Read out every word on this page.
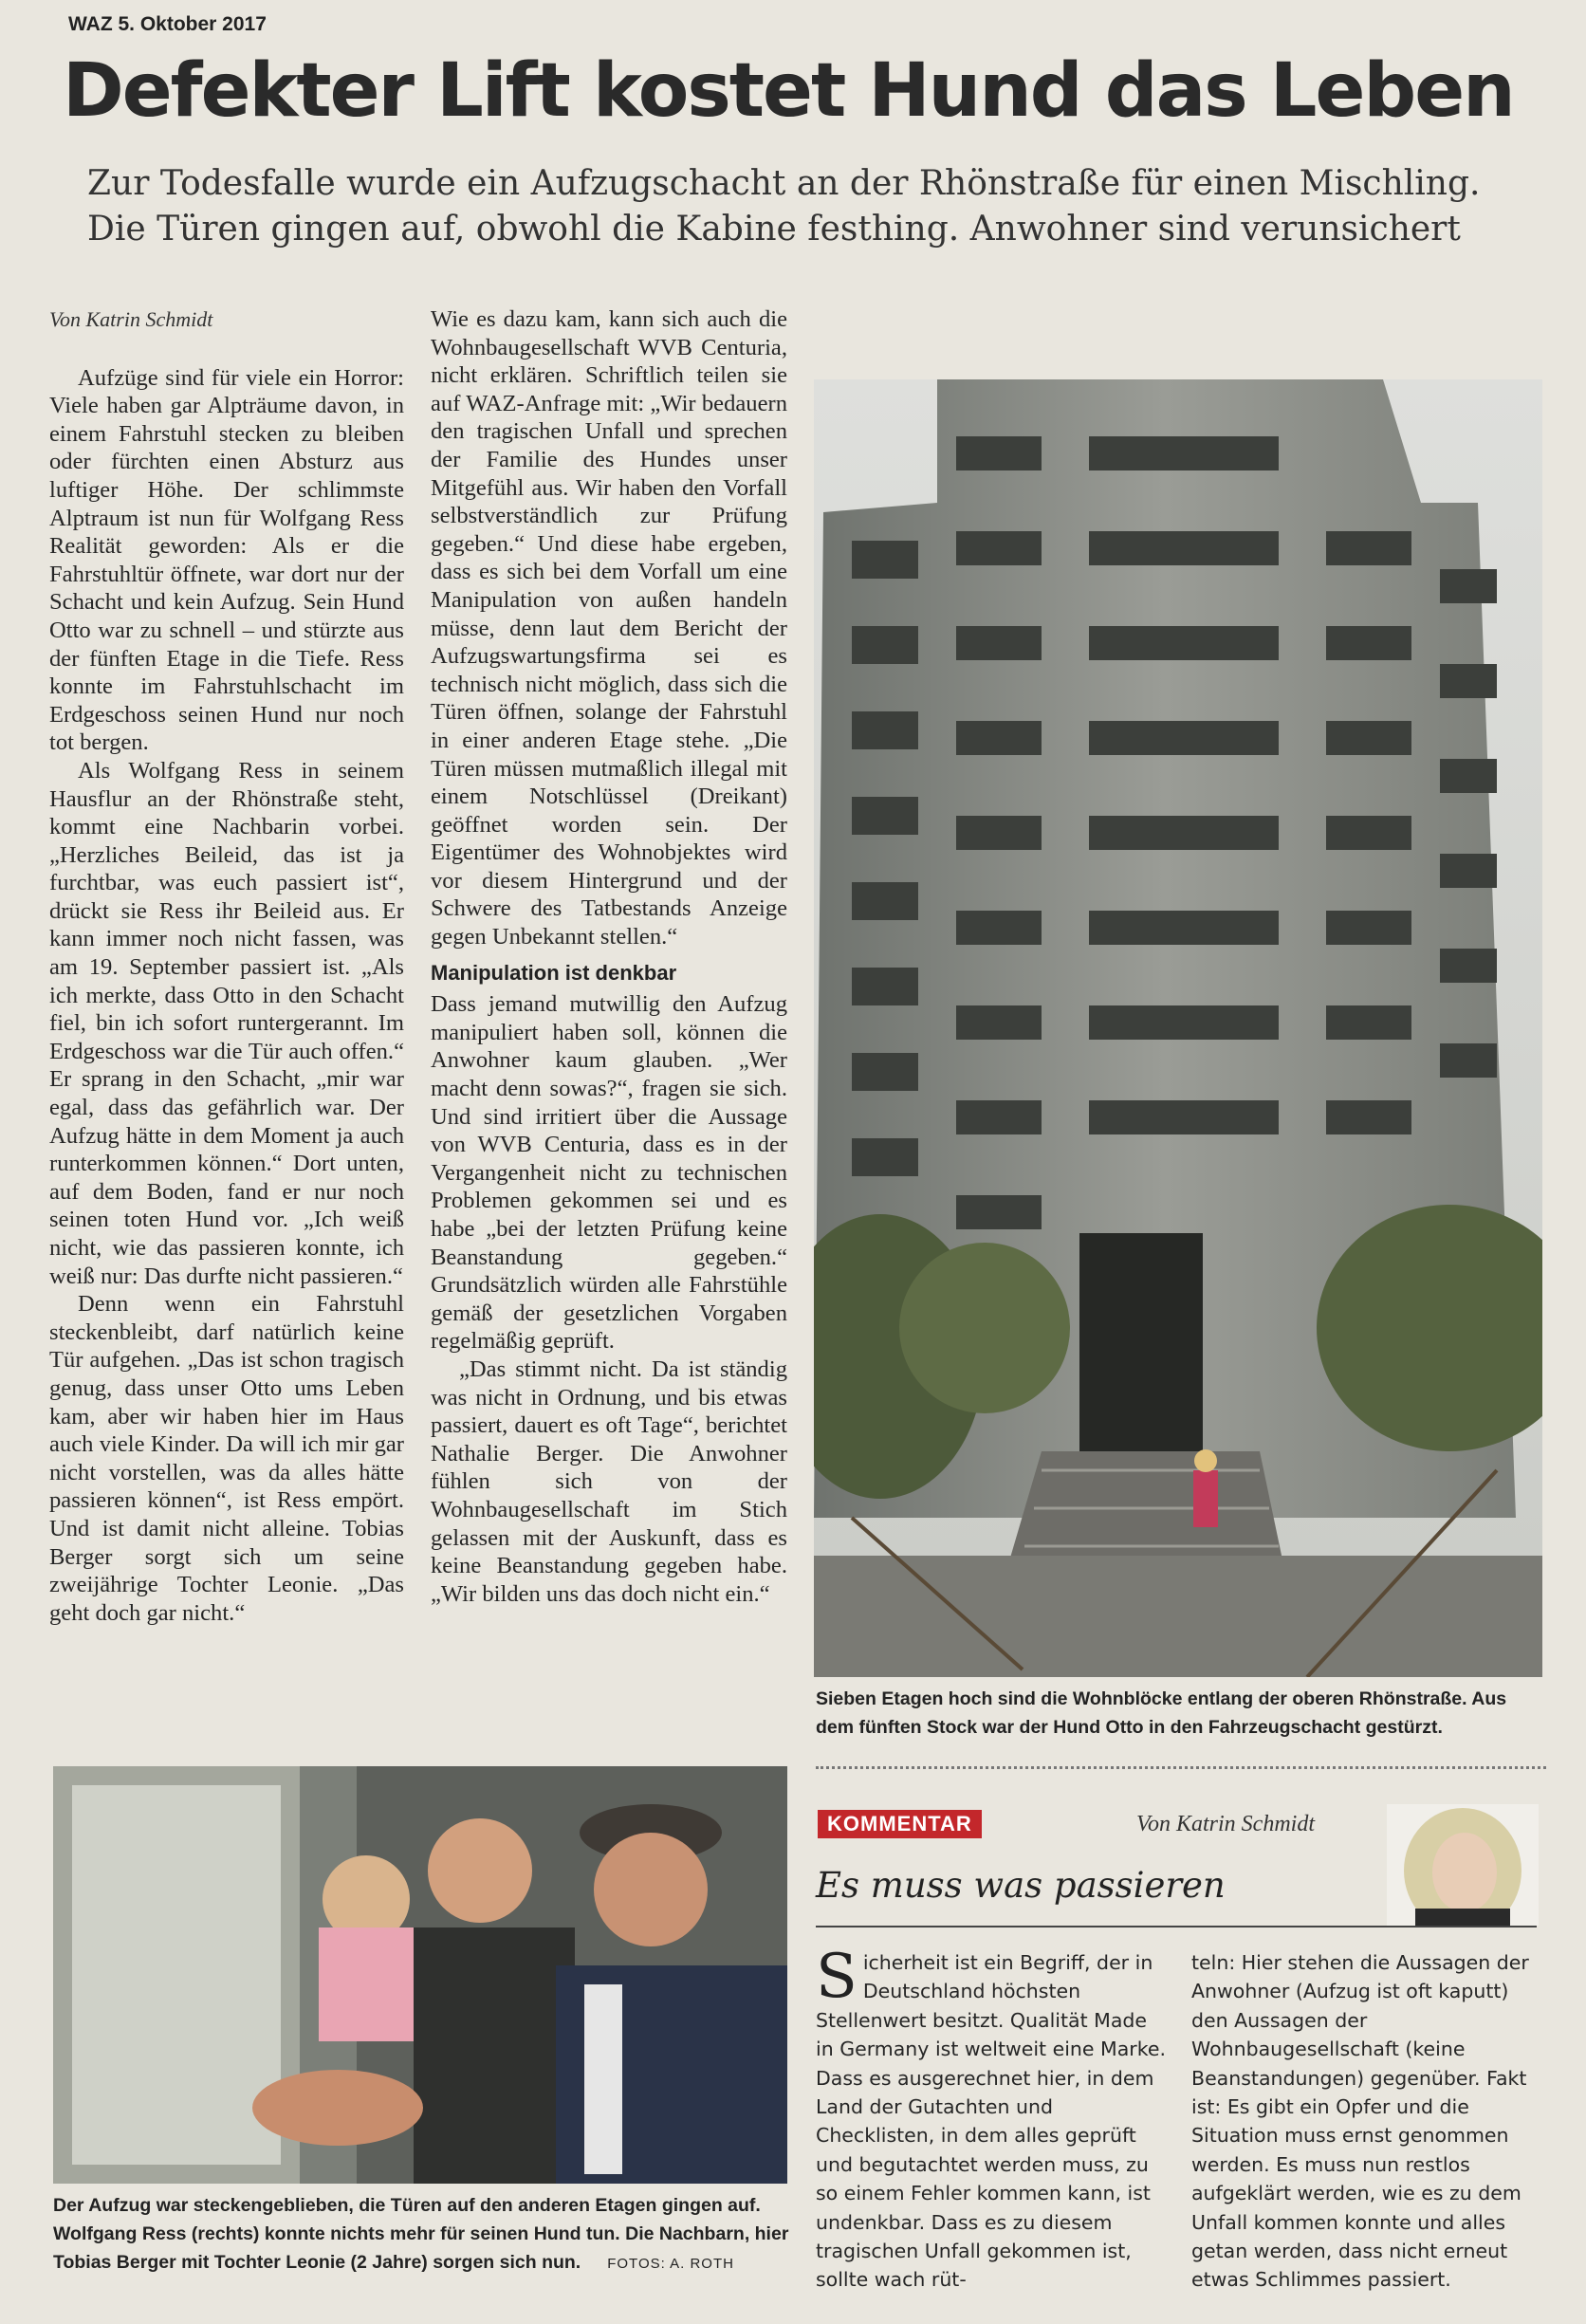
WAZ 5. Oktober 2017
Defekter Lift kostet Hund das Leben
Zur Todesfalle wurde ein Aufzugschacht an der Rhönstraße für einen Mischling.
Die Türen gingen auf, obwohl die Kabine festhing. Anwohner sind verunsichert

Von Katrin Schmidt

Aufzüge sind für viele ein Horror: Viele haben gar Alpträume davon, in einem Fahrstuhl stecken zu bleiben oder fürchten einen Absturz aus luftiger Höhe. Der schlimmste Alptraum ist nun für Wolfgang Ress Realität geworden: Als er die Fahrstuhltür öffnete, war dort nur der Schacht und kein Aufzug. Sein Hund Otto war zu schnell – und stürzte aus der fünften Etage in die Tiefe. Ress konnte im Fahrstuhlschacht im Erdgeschoss seinen Hund nur noch tot bergen.

Als Wolfgang Ress in seinem Hausflur an der Rhönstraße steht, kommt eine Nachbarin vorbei. „Herzliches Beileid, das ist ja furchtbar, was euch passiert ist“, drückt sie Ress ihr Beileid aus. Er kann immer noch nicht fassen, was am 19. September passiert ist. „Als ich merkte, dass Otto in den Schacht fiel, bin ich sofort runtergerannt. Im Erdgeschoss war die Tür auch offen.“ Er sprang in den Schacht, „mir war egal, dass das gefährlich war. Der Aufzug hätte in dem Moment ja auch runterkommen können.“ Dort unten, auf dem Boden, fand er nur noch seinen toten Hund vor. „Ich weiß nicht, wie das passieren konnte, ich weiß nur: Das durfte nicht passieren.“

Denn wenn ein Fahrstuhl steckenbleibt, darf natürlich keine Tür aufgehen. „Das ist schon tragisch genug, dass unser Otto ums Leben kam, aber wir haben hier im Haus auch viele Kinder. Da will ich mir gar nicht vorstellen, was da alles hätte passieren können“, ist Ress empört. Und ist damit nicht alleine. Tobias Berger sorgt sich um seine zweijährige Tochter Leonie. „Das geht doch gar nicht.“

Wie es dazu kam, kann sich auch die Wohnbaugesellschaft WVB Centuria, nicht erklären. Schriftlich teilen sie auf WAZ-Anfrage mit: „Wir bedauern den tragischen Unfall und sprechen der Familie des Hundes unser Mitgefühl aus. Wir haben den Vorfall selbstverständlich zur Prüfung gegeben.“ Und diese habe ergeben, dass es sich bei dem Vorfall um eine Manipulation von außen handeln müsse, denn laut dem Bericht der Aufzugswartungsfirma sei es technisch nicht möglich, dass sich die Türen öffnen, solange der Fahrstuhl in einer anderen Etage stehe. „Die Türen müssen mutmaßlich illegal mit einem Notschlüssel (Dreikant) geöffnet worden sein. Der Eigentümer des Wohnobjektes wird vor diesem Hintergrund und der Schwere des Tatbestands Anzeige gegen Unbekannt stellen.“

Manipulation ist denkbar

Dass jemand mutwillig den Aufzug manipuliert haben soll, können die Anwohner kaum glauben. „Wer macht denn sowas?“, fragen sie sich. Und sind irritiert über die Aussage von WVB Centuria, dass es in der Vergangenheit nicht zu technischen Problemen gekommen sei und es habe „bei der letzten Prüfung keine Beanstandung gegeben.“ Grundsätzlich würden alle Fahrstühle gemäß der gesetzlichen Vorgaben regelmäßig geprüft.

„Das stimmt nicht. Da ist ständig was nicht in Ordnung, und bis etwas passiert, dauert es oft Tage“, berichtet Nathalie Berger. Die Anwohner fühlen sich von der Wohnbaugesellschaft im Stich gelassen mit der Auskunft, dass es keine Beanstandung gegeben habe. „Wir bilden uns das doch nicht ein.“

Sieben Etagen hoch sind die Wohnblöcke entlang der oberen Rhönstraße. Aus dem fünften Stock war der Hund Otto in den Fahrzeugschacht gestürzt.
Der Aufzug war steckengeblieben, die Türen auf den anderen Etagen gingen auf. Wolfgang Ress (rechts) konnte nichts mehr für seinen Hund tun. Die Nachbarn, hier Tobias Berger mit Tochter Leonie (2 Jahre) sorgen sich nun. FOTOS: A. ROTH
KOMMENTAR	Von Katrin Schmidt
Es muss was passieren

Sicherheit ist ein Begriff, der in Deutschland höchsten Stellenwert besitzt. Qualität Made in Germany ist weltweit eine Marke. Dass es ausgerechnet hier, in dem Land der Gutachten und Checklisten, in dem alles geprüft und begutachtet werden muss, zu so einem Fehler kommen kann, ist undenkbar. Dass es zu diesem tragischen Unfall gekommen ist, sollte wach rüt-

teln: Hier stehen die Aussagen der Anwohner (Aufzug ist oft kaputt) den Aussagen der Wohnbaugesellschaft (keine Beanstandungen) gegenüber. Fakt ist: Es gibt ein Opfer und die Situation muss ernst genommen werden. Es muss nun restlos aufgeklärt werden, wie es zu dem Unfall kommen konnte und alles getan werden, dass nicht erneut etwas Schlimmes passiert.
